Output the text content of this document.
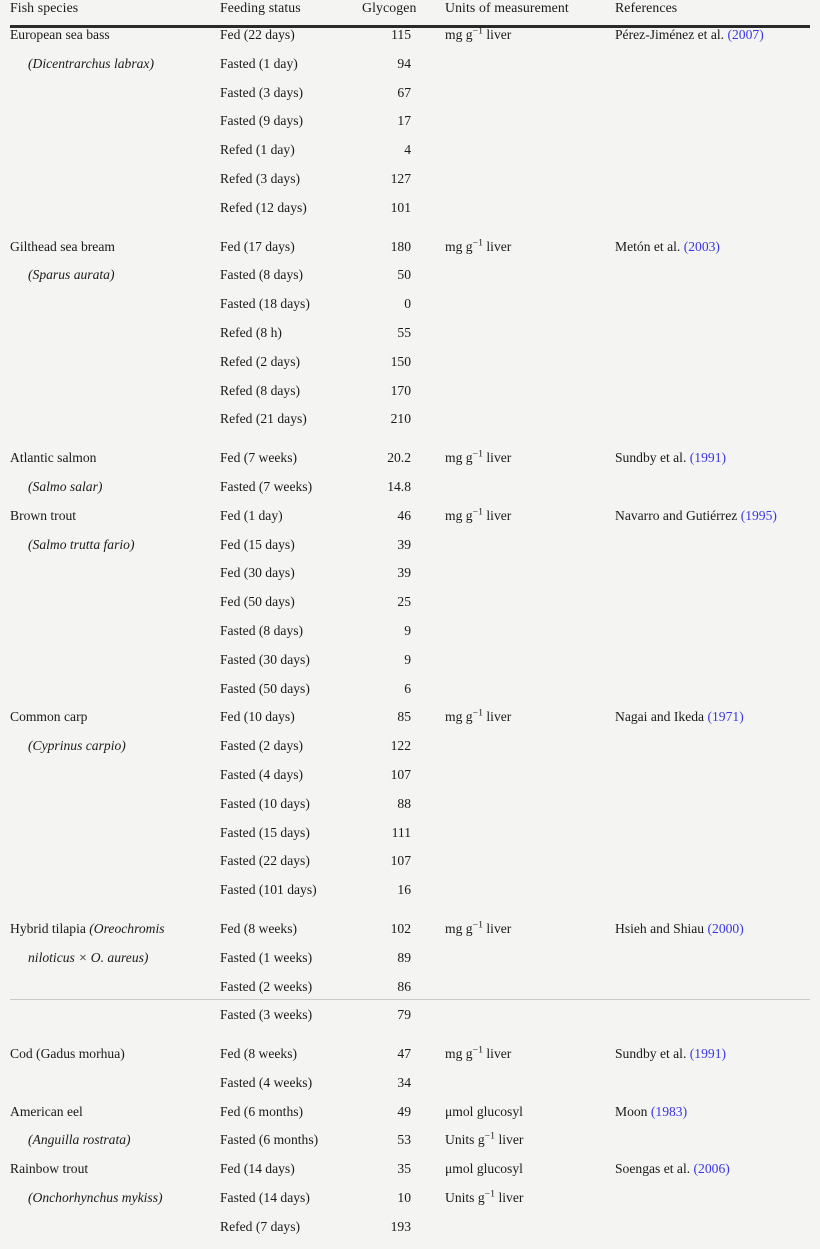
Fish species	Feeding status	Glycogen	Units of measurement	References

European sea bass	Fed (22 days)	115	mg $g^{-1}$ liver	Pérez-Jiménez et al. (2007)

(Dicentrarchus labrax)	Fasted (1 day)	94		

	Fasted (3 days)	67		

	Fasted (9 days)	17		

	Refed (1 day)	4		

	Refed (3 days)	127		

	Refed (12 days)	101		

Gilthead sea bream	Fed (17 days)	180	mg $g^{-1}$ liver	Metón et al. (2003)

(Sparus aurata)	Fasted (8 days)	50		

	Fasted (18 days)	0		

	Refed (8 h)	55		

	Refed (2 days)	150		

	Refed (8 days)	170		

	Refed (21 days)	210		

Atlantic salmon	Fed (7 weeks)	20.2	mg $g^{-1}$ liver	Sundby et al. (1991)

(Salmo salar)	Fasted (7 weeks)	14.8		

Brown trout	Fed (1 day)	46	mg $g^{-1}$ liver	Navarro and Gutiérrez (1995)

(Salmo trutta fario)	Fed (15 days)	39		

	Fed (30 days)	39		

	Fed (50 days)	25		

	Fasted (8 days)	9		

	Fasted (30 days)	9		

	Fasted (50 days)	6		

Common carp	Fed (10 days)	85	mg $g^{-1}$ liver	Nagai and Ikeda (1971)

(Cyprinus carpio)	Fasted (2 days)	122		

	Fasted (4 days)	107		

	Fasted (10 days)	88		

	Fasted (15 days)	111		

	Fasted (22 days)	107		

	Fasted (101 days)	16		

Hybrid tilapia (Oreochromis	Fed (8 weeks)	102	mg $g^{-1}$ liver	Hsieh and Shiau (2000)

niloticus × O. aureus)	Fasted (1 weeks)	89		

	Fasted (2 weeks)	86		

	Fasted (3 weeks)	79		

Cod (Gadus morhua)	Fed (8 weeks)	47	mg $g^{-1}$ liver	Sundby et al. (1991)

	Fasted (4 weeks)	34		

American eel	Fed (6 months)	49	μmol glucosyl	Moon (1983)

(Anguilla rostrata)	Fasted (6 months)	53	Units $g^{-1}$ liver	

Rainbow trout	Fed (14 days)	35	μmol glucosyl	Soengas et al. (2006)

(Onchorhynchus mykiss)	Fasted (14 days)	10	Units $g^{-1}$ liver	

	Refed (7 days)	193		
